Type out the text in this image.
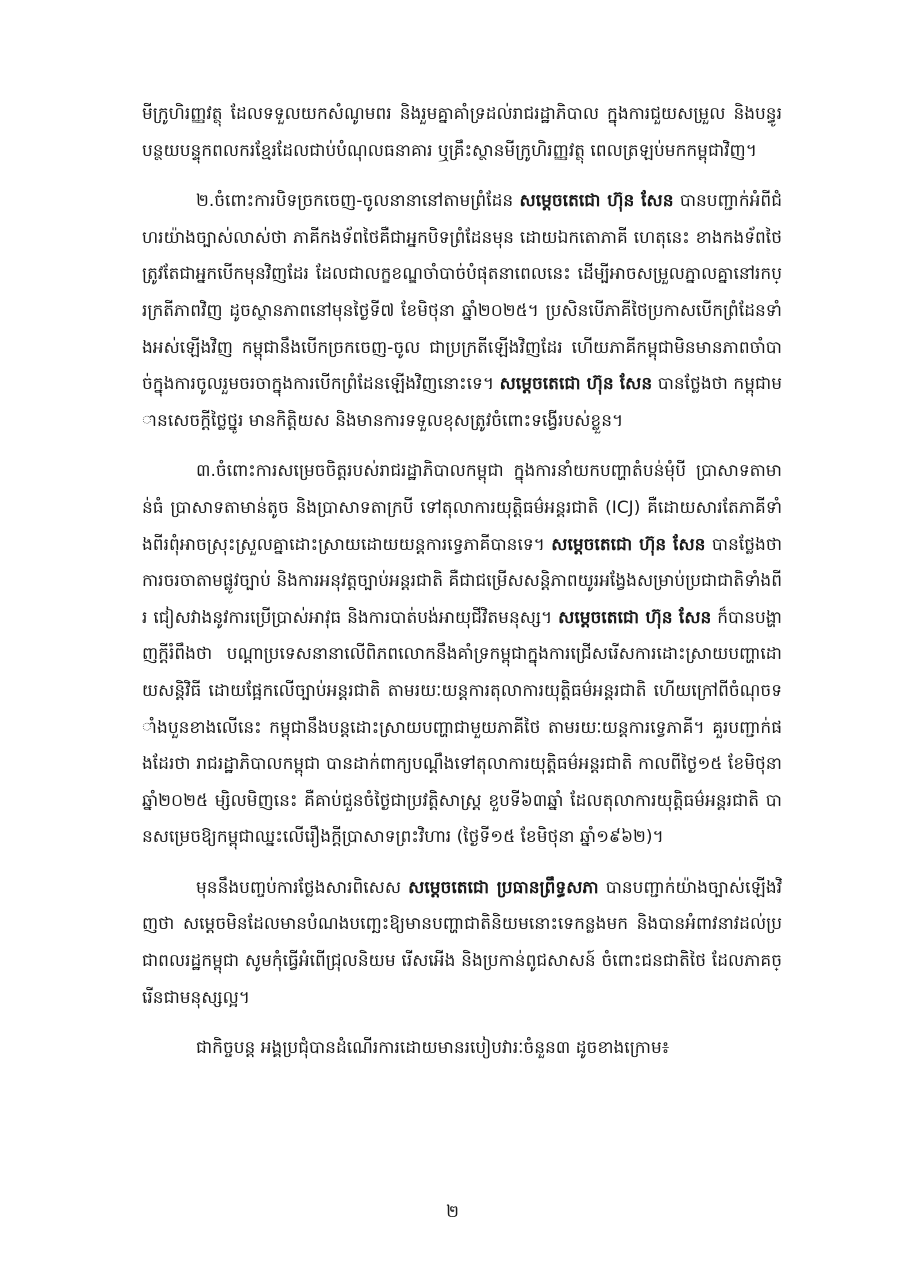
មីក្រូហិរញ្ញវត្ថុ ដែលទទួលយកសំណូមពរ និងរួមគ្នាគាំទ្រដល់រាជរដ្ឋាភិបាល ក្នុងការជួយសម្រួល និងបន្ធូរបន្ថយបន្ទុកពលករខ្មែរដែលជាប់បំណុលធនាគារ ឬគ្រឹះស្ថានមីក្រូហិរញ្ញវត្ថុ ពេលត្រឡប់មកកម្ពុជាវិញ។

២.ចំពោះការបិទច្រកចេញ-ចូលនានានៅតាមព្រំដែន សម្តេចតេជោ ហ៊ុន សែន បានបញ្ជាក់អំពីជំហរយ៉ាងច្បាស់លាស់ថា ភាគីកងទ័ពថៃគឺជាអ្នកបិទព្រំដែនមុន ដោយឯកតោភាគី ហេតុនេះ ខាងកងទ័ពថៃត្រូវតែជាអ្នកបើកមុនវិញដែរ ដែលជាលក្ខខណ្ឌចាំបាច់បំផុតនាពេលនេះ ដើម្បីអាចសម្រួលភ្នាលគ្នានៅរកប្រក្រតីភាពវិញ ដូចស្ថានភាពនៅមុនថ្ងៃទី៧ ខែមិថុនា ឆ្នាំ២០២៥។ ប្រសិនបើភាគីថៃប្រកាសបើកព្រំដែនទាំងអស់ឡើងវិញ កម្ពុជានឹងបើកច្រកចេញ-ចូល ជាប្រក្រតីឡើងវិញដែរ ហើយភាគីកម្ពុជាមិនមានភាពចាំបាច់ក្នុងការចូលរួមចរចាក្នុងការបើកព្រំដែនឡើងវិញនោះទេ។ សម្តេចតេជោ ហ៊ុន សែន បានថ្លែងថា កម្ពុជាមានសេចក្តីថ្លៃថ្នូរ មានកិត្តិយស និងមានការទទួលខុសត្រូវចំពោះទង្វើរបស់ខ្លួន។

៣.ចំពោះការសម្រេចចិត្តរបស់រាជរដ្ឋាភិបាលកម្ពុជា ក្នុងការនាំយកបញ្ហាតំបន់មុំបី ប្រាសាទតាមាន់ធំ ប្រាសាទតាមាន់តូច និងប្រាសាទតាក្របី ទៅតុលាការយុត្តិធម៌អន្តរជាតិ (ICJ) គឺដោយសារតែភាគីទាំងពីរពុំអាចស្រុះស្រួលគ្នាដោះស្រាយដោយយន្តការទ្វេភាគីបានទេ។ សម្តេចតេជោ ហ៊ុន សែន បានថ្លែងថា ការចរចាតាមផ្លូវច្បាប់ និងការអនុវត្តច្បាប់អន្តរជាតិ គឺជាជម្រើសសន្តិភាពយូរអង្វែងសម្រាប់ប្រជាជាតិទាំងពីរ ជៀសវាងនូវការប្រើប្រាស់អាវុធ និងការបាត់បង់អាយុជីវិតមនុស្ស។ សម្តេចតេជោ ហ៊ុន សែន ក៏បានបង្ហាញក្តីរំពឹងថា បណ្តាប្រទេសនានាលើពិភពលោកនឹងគាំទ្រកម្ពុជាក្នុងការជ្រើសរើសការដោះស្រាយបញ្ហាដោយសន្តិវិធី ដោយផ្អែកលើច្បាប់អន្តរជាតិ តាមរយៈយន្តការតុលាការយុត្តិធម៌អន្តរជាតិ ហើយក្រៅពីចំណុចទាំងបួនខាងលើនេះ កម្ពុជានឹងបន្តដោះស្រាយបញ្ហាជាមួយភាគីថៃ តាមរយៈយន្តការទ្វេភាគី។ គួរបញ្ជាក់ផងដែរថា រាជរដ្ឋាភិបាលកម្ពុជា បានដាក់ពាក្យបណ្តឹងទៅតុលាការយុត្តិធម៌អន្តរជាតិ កាលពីថ្ងៃ១៥ ខែមិថុនា ឆ្នាំ២០២៥ ម្សិលមិញនេះ គឺគាប់ជួនចំថ្ងៃជាប្រវត្តិសាស្ត្រ ខួបទី៦៣ឆ្នាំ ដែលតុលាការយុត្តិធម៌អន្តរជាតិ បានសម្រេចឱ្យកម្ពុជាឈ្នះលើរឿងក្តីប្រាសាទព្រះវិហារ (ថ្ងៃទី១៥ ខែមិថុនា ឆ្នាំ១៩៦២)។

មុននឹងបញ្ចប់ការថ្លែងសារពិសេស សម្តេចតេជោ ប្រធានព្រឹទ្ធសភា បានបញ្ជាក់យ៉ាងច្បាស់ឡើងវិញថា សម្តេចមិនដែលមានបំណងបញ្ឆេះឱ្យមានបញ្ហាជាតិនិយមនោះទេកន្លងមក និងបានអំពាវនាវដល់ប្រជាពលរដ្ឋកម្ពុជា សូមកុំធ្វើអំពើជ្រុលនិយម រើសអើង និងប្រកាន់ពូជសាសន៍ ចំពោះជនជាតិថៃ ដែលភាគច្រើនជាមនុស្សល្អ។

ជាកិច្ចបន្ត អង្គប្រជុំបានដំណើរការដោយមានរបៀបវារៈចំនួន៣ ដូចខាងក្រោម៖

២
